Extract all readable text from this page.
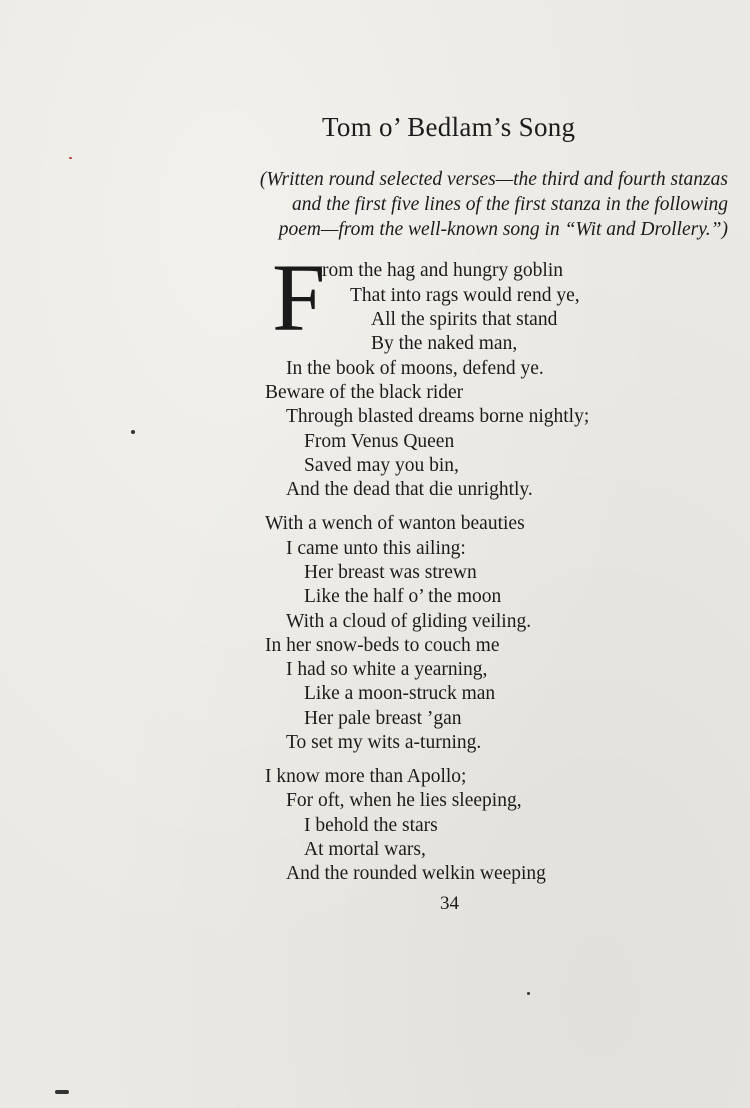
Tom o’ Bedlam’s Song
(Written round selected verses—the third and fourth stanzas
and the first five lines of the first stanza in the following
poem—from the well-known song in “Wit and Drollery.”)
F
rom the hag and hungry goblin
That into rags would rend ye,
All the spirits that stand
By the naked man,
In the book of moons, defend ye.
Beware of the black rider
Through blasted dreams borne nightly;
From Venus Queen
Saved may you bin,
And the dead that die unrightly.
With a wench of wanton beauties
I came unto this ailing:
Her breast was strewn
Like the half o’ the moon
With a cloud of gliding veiling.
In her snow-beds to couch me
I had so white a yearning,
Like a moon-struck man
Her pale breast ’gan
To set my wits a-turning.
I know more than Apollo;
For oft, when he lies sleeping,
I behold the stars
At mortal wars,
And the rounded welkin weeping
34
